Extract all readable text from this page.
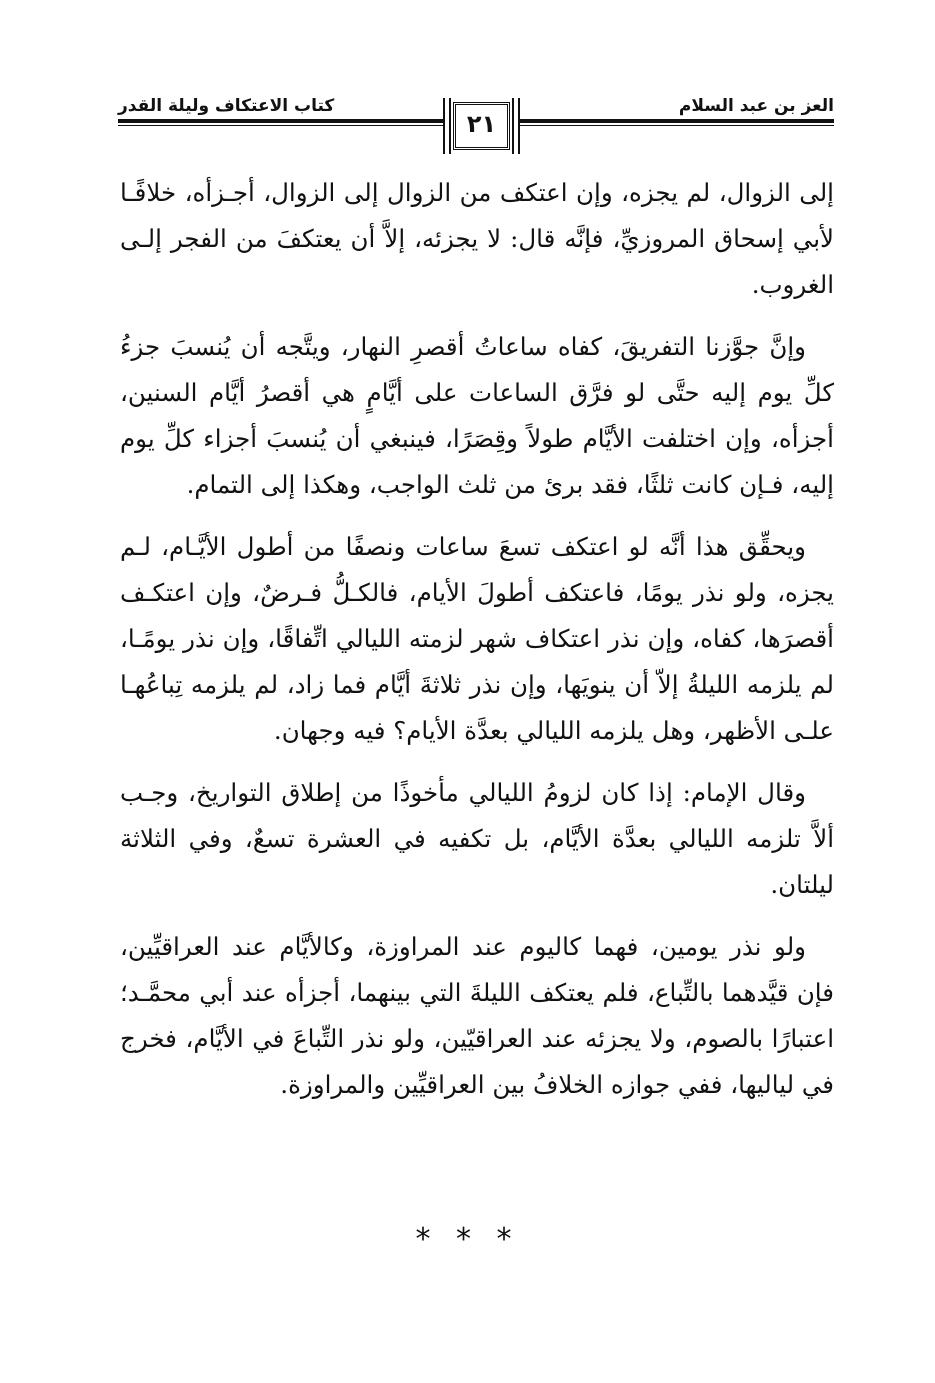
كتاب الاعتكاف وليلة القدر	العز بن عبد السلام
٢١

إلى الزوال، لم يجزه، وإن اعتكف من الزوال إلى الزوال، أجـزأه، خلافًـا لأبي إسحاق المروزيِّ، فإنَّه قال: لا يجزئه، إلاَّ أن يعتكفَ من الفجر إلـى الغروب.

وإنَّ جوَّزنا التفريقَ، كفاه ساعاتُ أقصرِ النهار، ويتَّجه أن يُنسبَ جزءُ كلِّ يوم إليه حتَّى لو فرَّق الساعات على أيَّامٍ هي أقصرُ أيَّام السنين، أجزأه، وإن اختلفت الأيَّام طولاً وقِصَرًا، فينبغي أن يُنسبَ أجزاء كلِّ يوم إليه، فـإن كانت ثلثًا، فقد برئ من ثلث الواجب، وهكذا إلى التمام.

ويحقِّق هذا أنَّه لو اعتكف تسعَ ساعات ونصفًا من أطول الأيَّـام، لـم يجزه، ولو نذر يومًا، فاعتكف أطولَ الأيام، فالكـلُّ فـرضٌ، وإن اعتكـف أقصرَها، كفاه، وإن نذر اعتكاف شهر لزمته الليالي اتِّفاقًا، وإن نذر يومًـا، لم يلزمه الليلةُ إلاّ أن ينويَها، وإن نذر ثلاثةَ أيَّام فما زاد، لم يلزمه تِباعُهـا علـى الأظهر، وهل يلزمه الليالي بعدَّة الأيام؟ فيه وجهان.

وقال الإمام: إذا كان لزومُ الليالي مأخوذًا من إطلاق التواريخ، وجـب ألاَّ تلزمه الليالي بعدَّة الأيَّام، بل تكفيه في العشرة تسعٌ، وفي الثلاثة ليلتان.

ولو نذر يومين، فهما كاليوم عند المراوزة، وكالأيَّام عند العراقيِّين، فإن قيَّدهما بالتِّباع، فلم يعتكف الليلةَ التي بينهما، أجزأه عند أبي محمَّـد؛ اعتبارًا بالصوم، ولا يجزئه عند العراقيّين، ولو نذر التِّباعَ في الأيَّام، فخرج في لياليها، ففي جوازه الخلافُ بين العراقيِّين والمراوزة.

* * *
